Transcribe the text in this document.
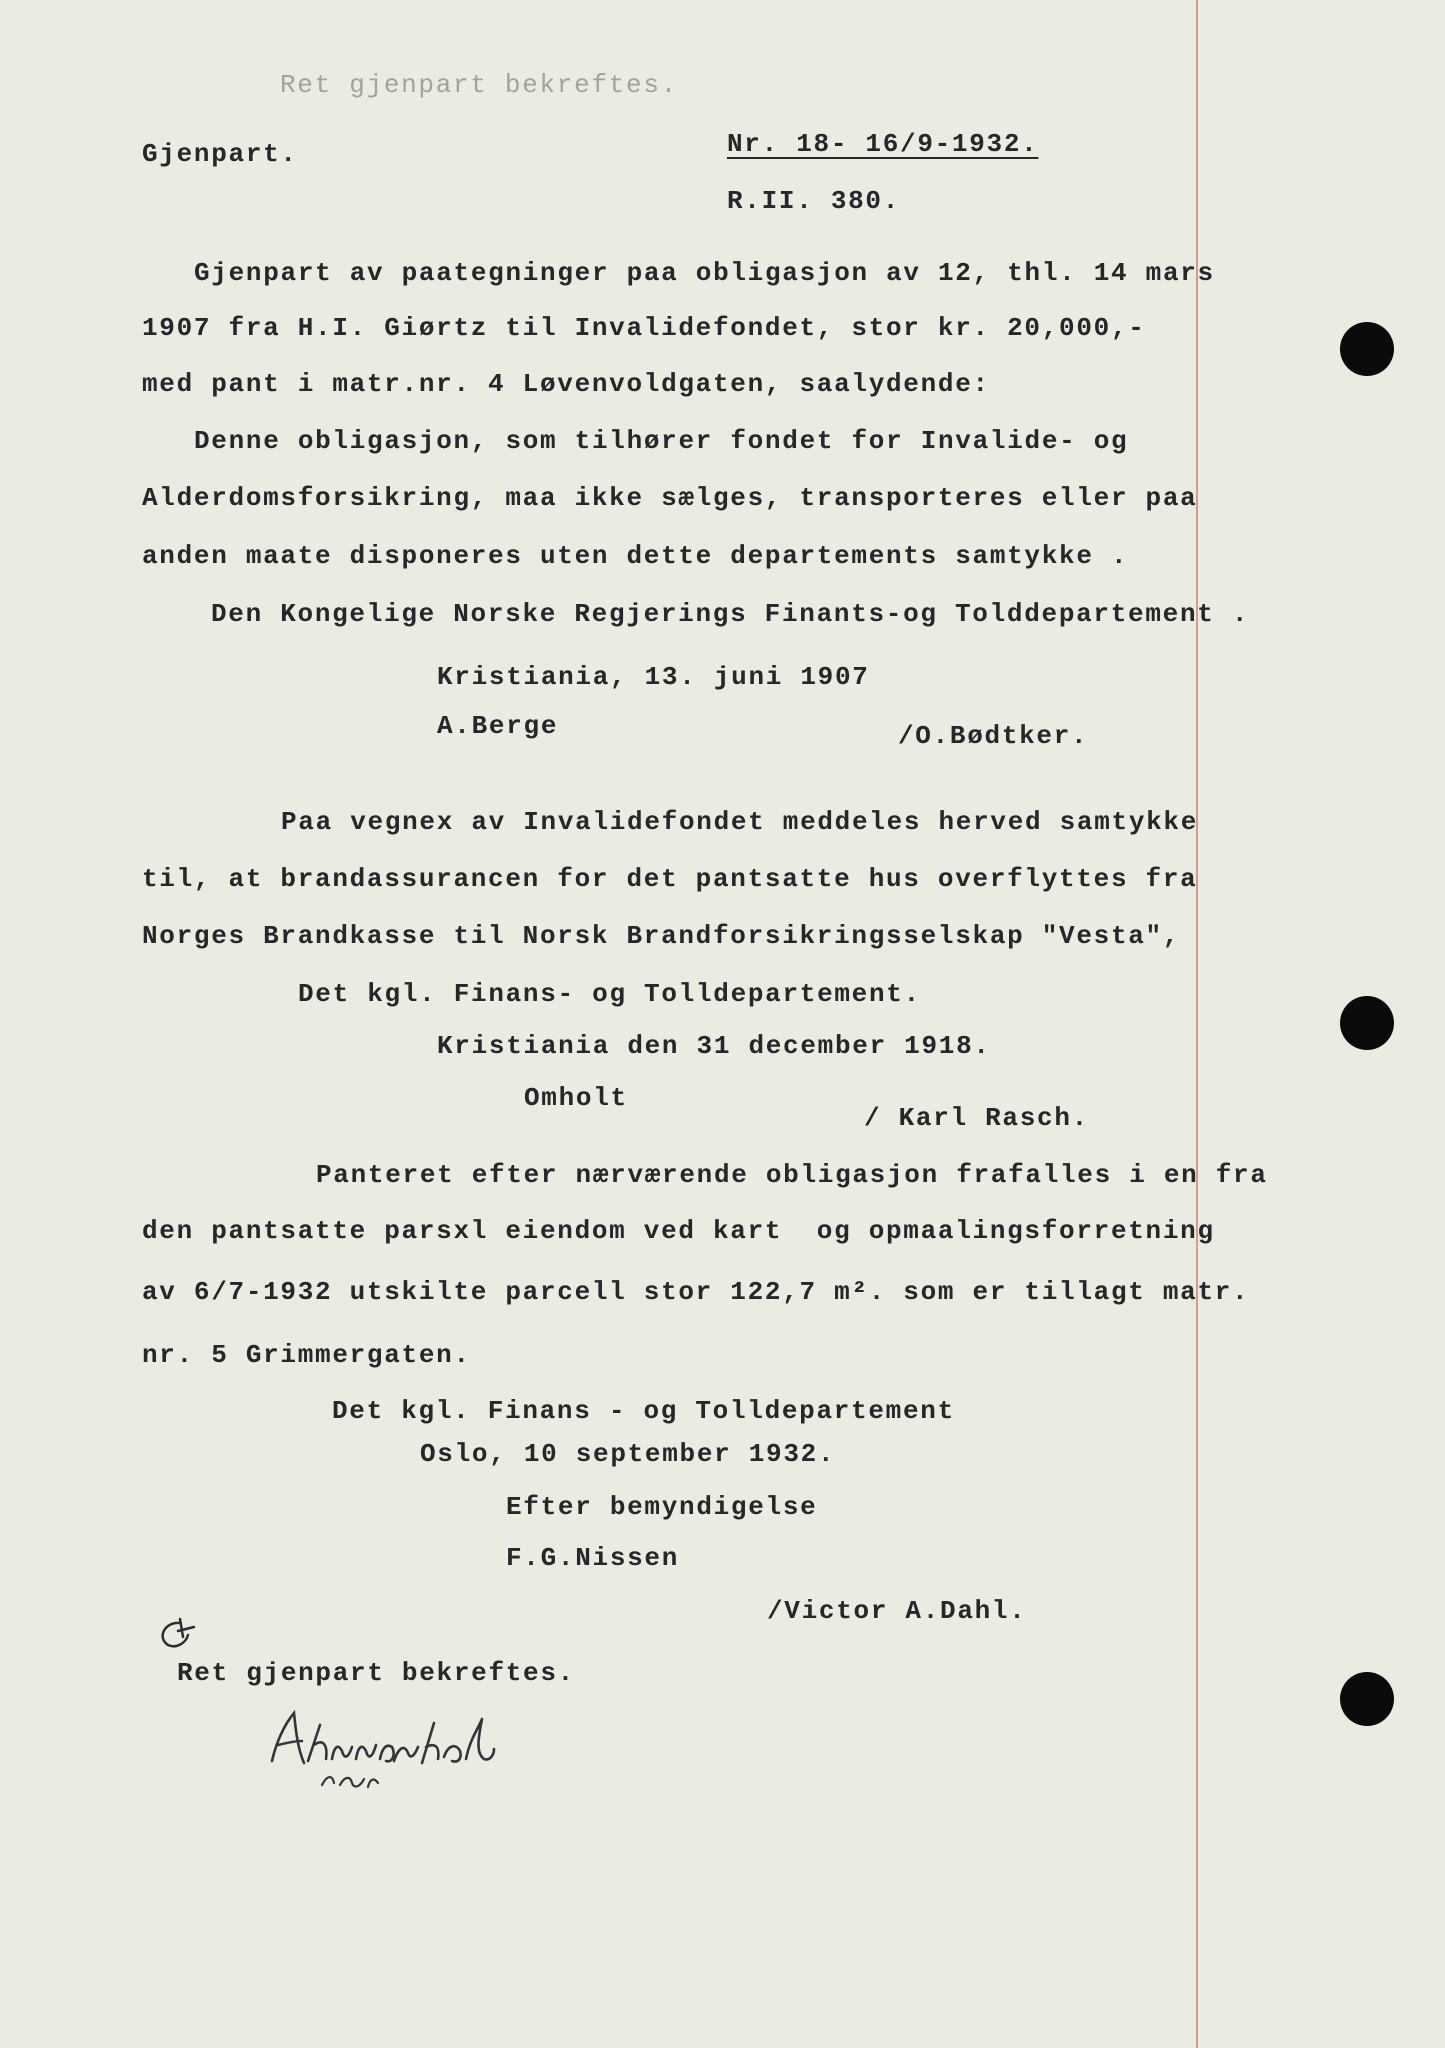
Ret gjenpart bekreftes.
Gjenpart.	Nr. 18- 16/9-1932.
R.II. 380.
Gjenpart av paategninger paa obligasjon av 12, thl. 14 mars
1907 fra H.I. Giørtz til Invalidefondet, stor kr. 20,000,-
med pant i matr.nr. 4 Løvenvoldgaten, saalydende:
Denne obligasjon, som tilhører fondet for Invalide- og
Alderdomsforsikring, maa ikke sælges, transporteres eller paa
anden maate disponeres uten dette departements samtykke .
Den Kongelige Norske Regjerings Finants-og Tolddepartement .
Kristiania, 13. juni 1907
A.Berge	/O.Bødtker.
Paa vegnex av Invalidefondet meddeles herved samtykke
til, at brandassurancen for det pantsatte hus overflyttes fra
Norges Brandkasse til Norsk Brandforsikringsselskap "Vesta",
Det kgl. Finans- og Tolldepartement.
Kristiania den 31 december 1918.
Omholt
/ Karl Rasch.
Panteret efter nærværende obligasjon frafalles i en fra
den pantsatte parsxl eiendom ved kart  og opmaalingsforretning
av 6/7-1932 utskilte parcell stor 122,7 m². som er tillagt matr.
nr. 5 Grimmergaten.
Det kgl. Finans - og Tolldepartement
Oslo, 10 september 1932.
Efter bemyndigelse
F.G.Nissen
/Victor A.Dahl.
Ret gjenpart bekreftes.
